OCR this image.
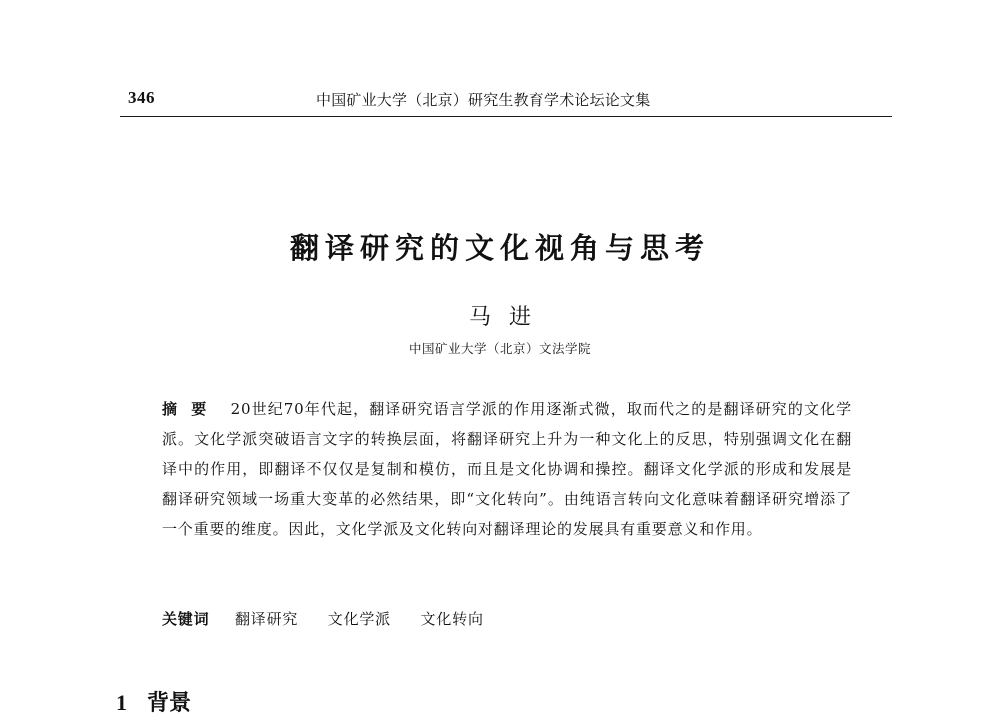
346	中国矿业大学（北京）研究生教育学术论坛论文集
翻译研究的文化视角与思考
马进
中国矿业大学（北京）文法学院
摘要 20世纪70年代起，翻译研究语言学派的作用逐渐式微，取而代之的是翻译研究的文化学派。文化学派突破语言文字的转换层面，将翻译研究上升为一种文化上的反思，特别强调文化在翻译中的作用，即翻译不仅仅是复制和模仿，而且是文化协调和操控。翻译文化学派的形成和发展是翻译研究领域一场重大变革的必然结果，即“文化转向”。由纯语言转向文化意味着翻译研究增添了一个重要的维度。因此，文化学派及文化转向对翻译理论的发展具有重要意义和作用。
关键词 翻译研究 文化学派 文化转向
1 背景
